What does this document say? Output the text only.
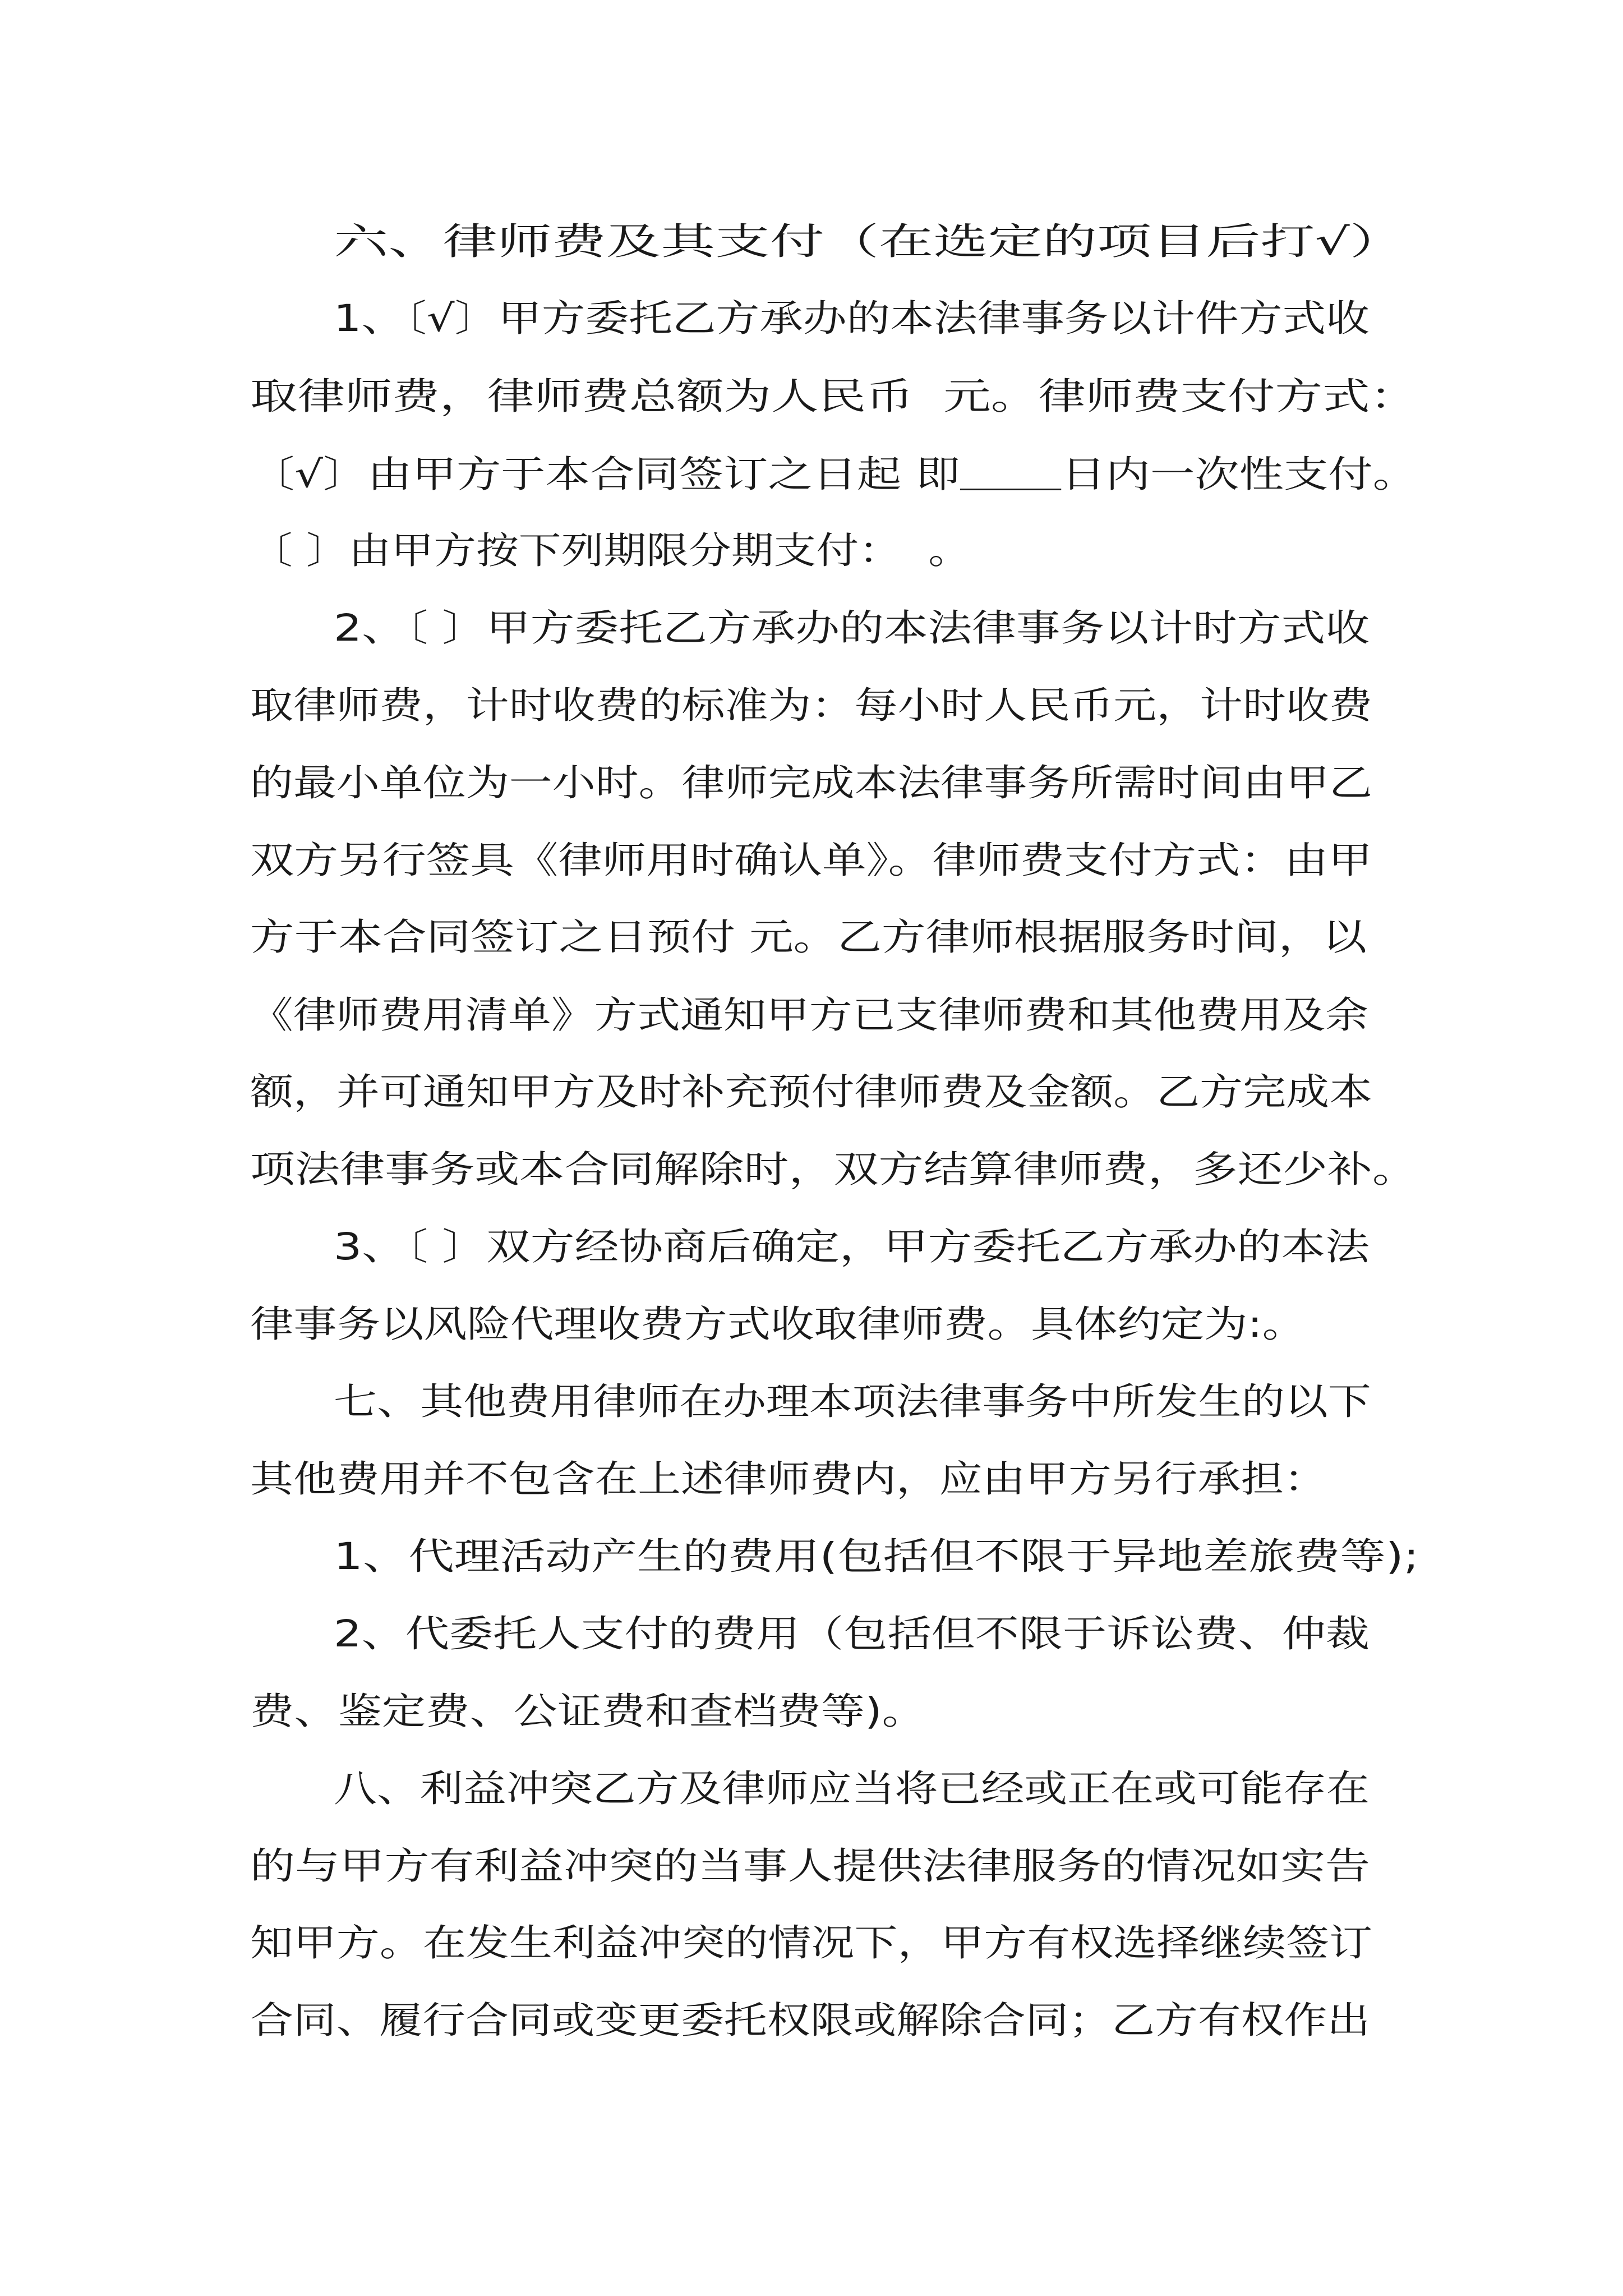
六、律师费及其支付（在选定的项目后打√）

1、〔√〕甲方委托乙方承办的本法律事务以计件方式收

取律师费，律师费总额为人民币  元。律师费支付方式：

〔√〕由甲方于本合同签订之日起 即	日内一次性支付。

〔 〕由甲方按下列期限分期支付：  。

2、〔 〕甲方委托乙方承办的本法律事务以计时方式收

取律师费，计时收费的标准为：每小时人民币元，计时收费

的最小单位为一小时。律师完成本法律事务所需时间由甲乙

双方另行签具《律师用时确认单》。律师费支付方式：由甲

方于本合同签订之日预付 元。乙方律师根据服务时间，以

《律师费用清单》方式通知甲方已支律师费和其他费用及余

额，并可通知甲方及时补充预付律师费及金额。乙方完成本

项法律事务或本合同解除时，双方结算律师费，多还少补。

3、〔 〕双方经协商后确定，甲方委托乙方承办的本法

律事务以风险代理收费方式收取律师费。具体约定为:。

七、其他费用律师在办理本项法律事务中所发生的以下

其他费用并不包含在上述律师费内，应由甲方另行承担：

1、代理活动产生的费用(包括但不限于异地差旅费等);

2、代委托人支付的费用（包括但不限于诉讼费、仲裁

费、鉴定费、公证费和查档费等)。

八、利益冲突乙方及律师应当将已经或正在或可能存在

的与甲方有利益冲突的当事人提供法律服务的情况如实告

知甲方。在发生利益冲突的情况下，甲方有权选择继续签订

合同、履行合同或变更委托权限或解除合同；乙方有权作出
